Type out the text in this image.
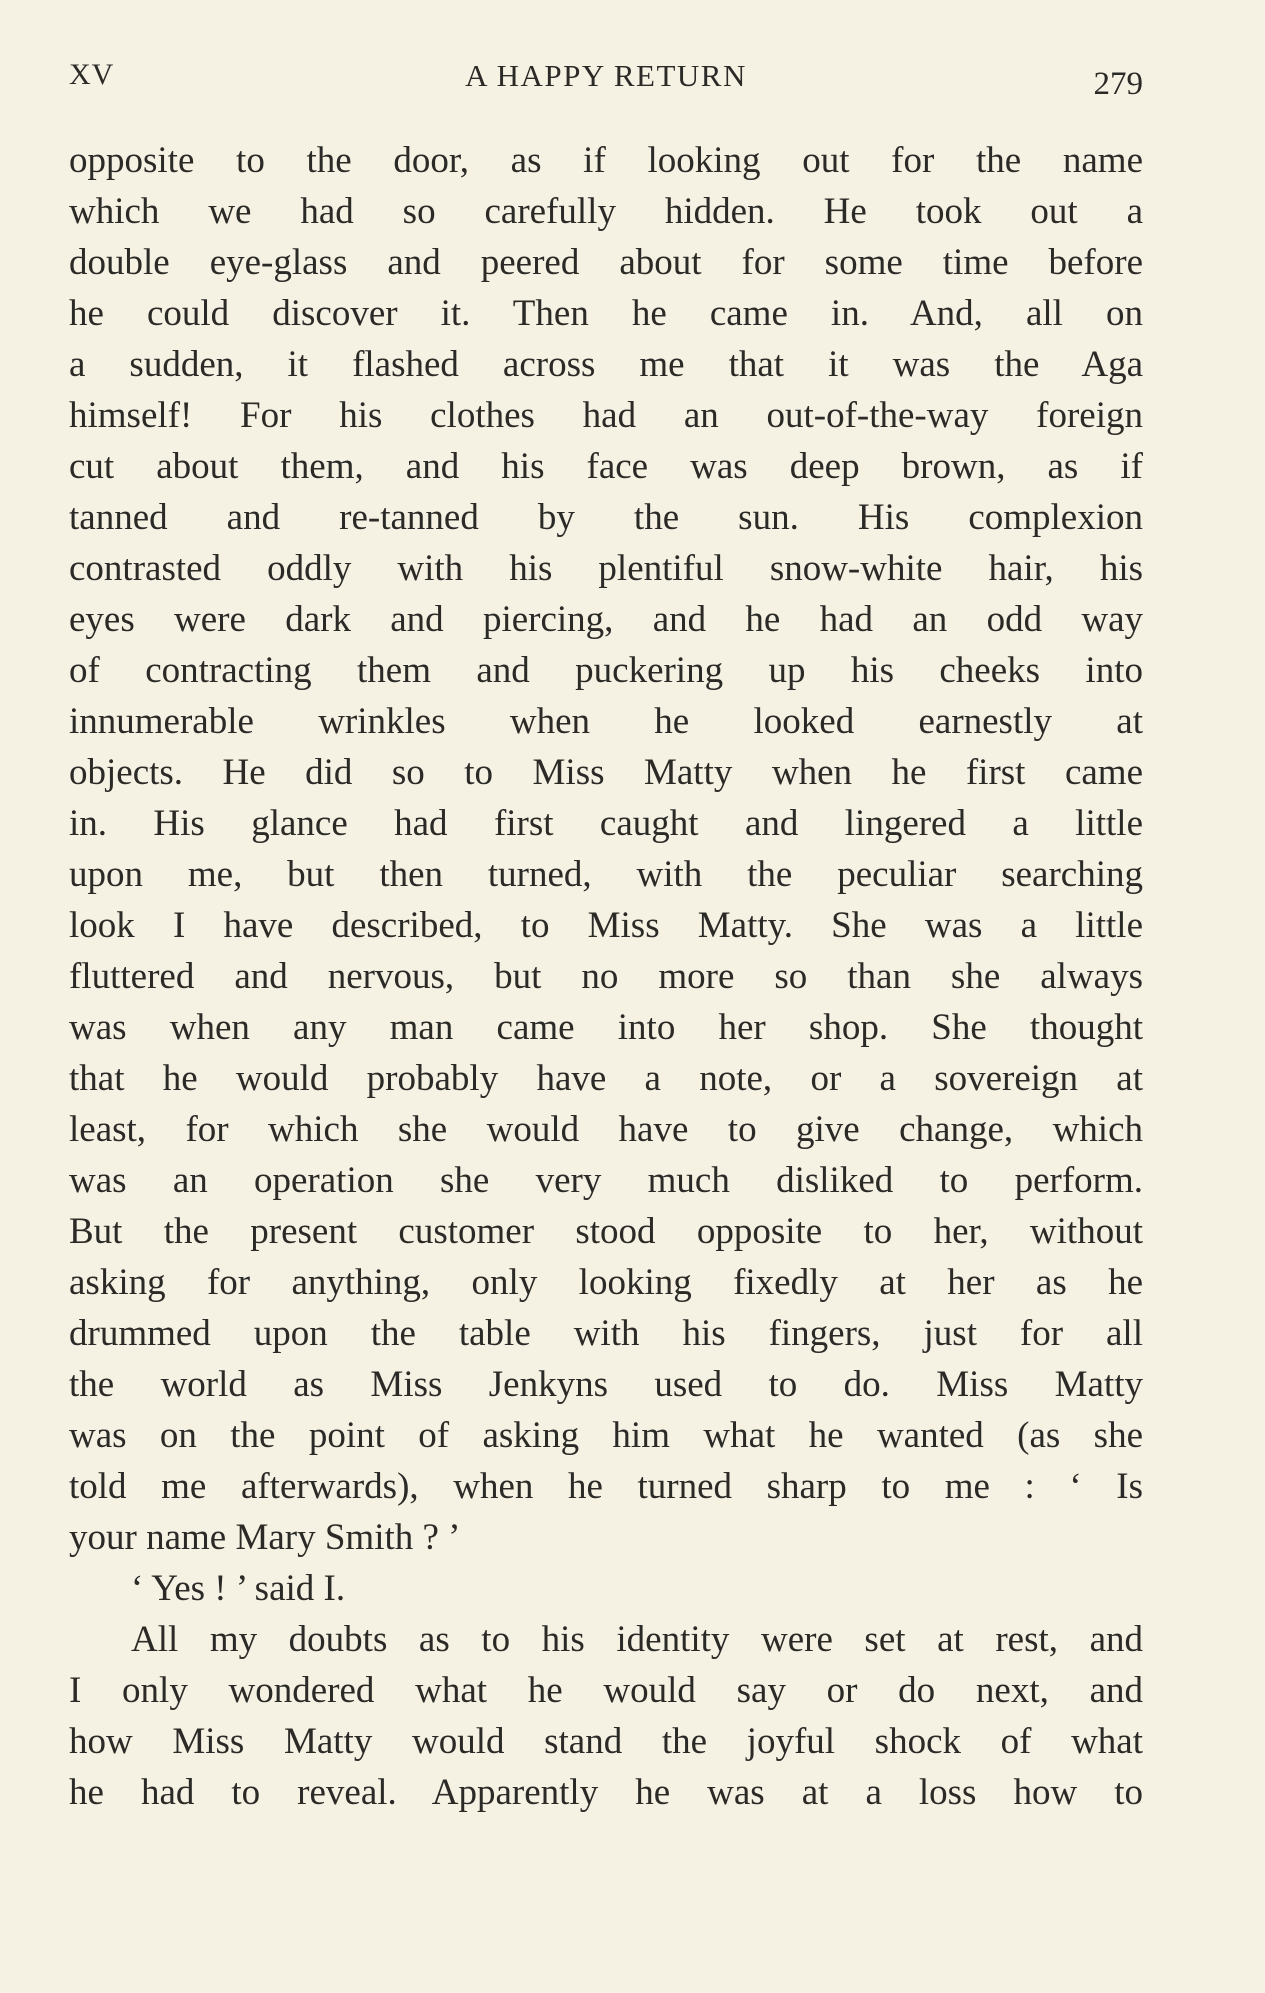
XV	A HAPPY RETURN	279
opposite to the door, as if looking out for the name
which we had so carefully hidden. He took out a
double eye-glass and peered about for some time before
he could discover it. Then he came in. And, all on
a sudden, it flashed across me that it was the Aga
himself! For his clothes had an out-of-the-way foreign
cut about them, and his face was deep brown, as if
tanned and re-tanned by the sun. His complexion
contrasted oddly with his plentiful snow-white hair, his
eyes were dark and piercing, and he had an odd way
of contracting them and puckering up his cheeks into
innumerable wrinkles when he looked earnestly at
objects. He did so to Miss Matty when he first came
in. His glance had first caught and lingered a little
upon me, but then turned, with the peculiar searching
look I have described, to Miss Matty. She was a little
fluttered and nervous, but no more so than she always
was when any man came into her shop. She thought
that he would probably have a note, or a sovereign at
least, for which she would have to give change, which
was an operation she very much disliked to perform.
But the present customer stood opposite to her, without
asking for anything, only looking fixedly at her as he
drummed upon the table with his fingers, just for all
the world as Miss Jenkyns used to do. Miss Matty
was on the point of asking him what he wanted (as she
told me afterwards), when he turned sharp to me : ‘ Is
your name Mary Smith ? ’
‘ Yes ! ’ said I.
All my doubts as to his identity were set at rest, and
I only wondered what he would say or do next, and
how Miss Matty would stand the joyful shock of what
he had to reveal. Apparently he was at a loss how to
